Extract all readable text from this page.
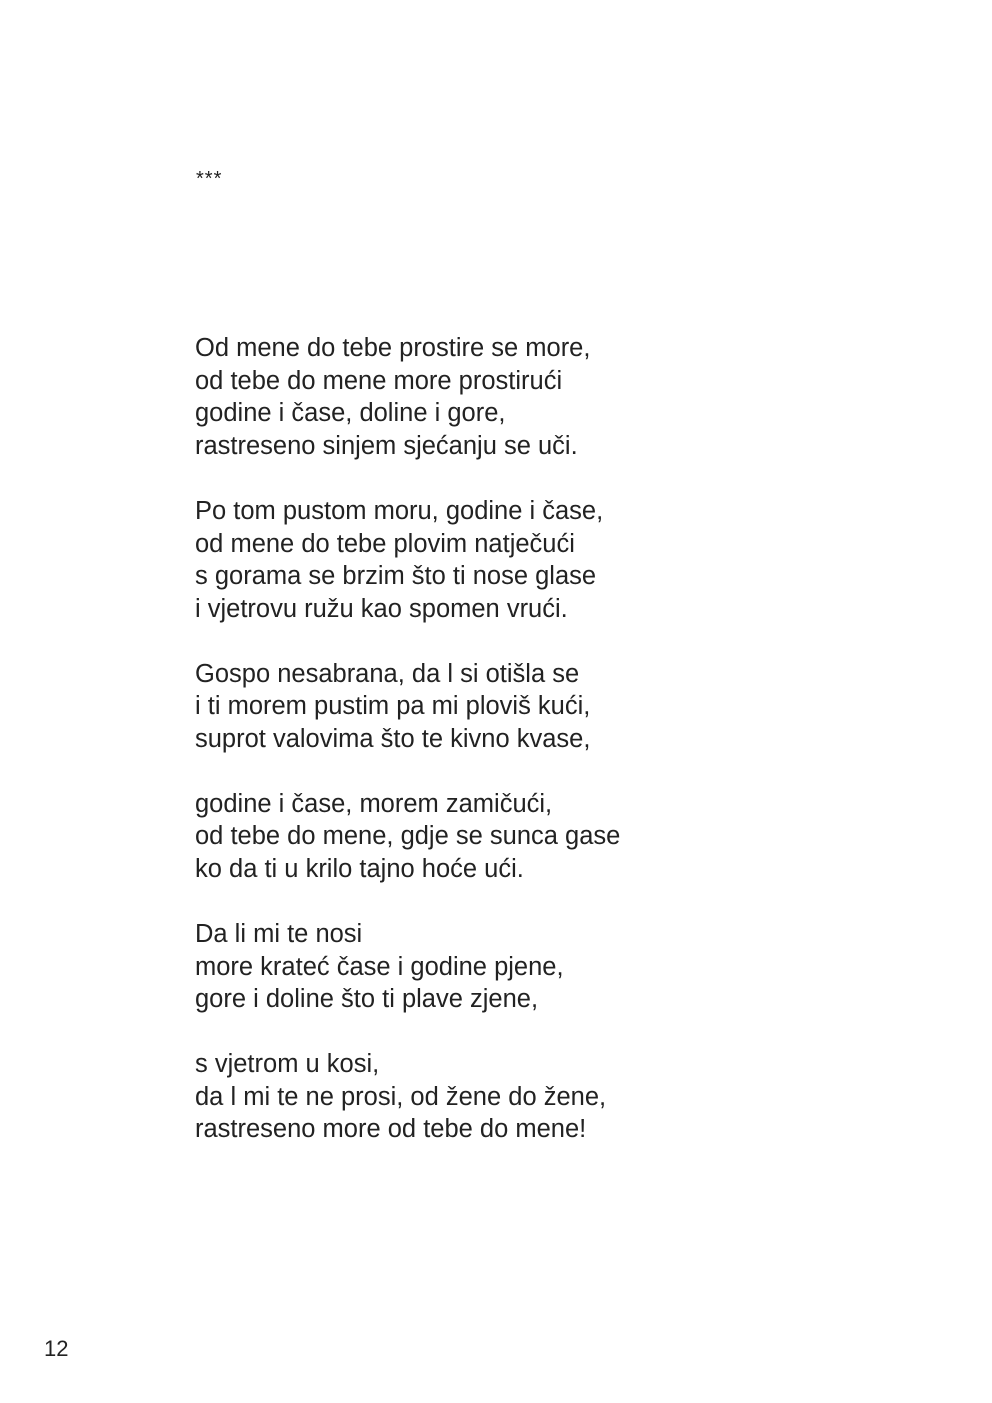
***
Od mene do tebe prostire se more,
od tebe do mene more prostirući
godine i čase, doline i gore,
rastreseno sinjem sjećanju se uči.
Po tom pustom moru, godine i čase,
od mene do tebe plovim natječući
s gorama se brzim što ti nose glase
i vjetrovu ružu kao spomen vrući.
Gospo nesabrana, da l si otišla se
i ti morem pustim pa mi ploviš kući,
suprot valovima što te kivno kvase,
godine i čase, morem zamičući,
od tebe do mene, gdje se sunca gase
ko da ti u krilo tajno hoće ući.
Da li mi te nosi
more krateć čase i godine pjene,
gore i doline što ti plave zjene,
s vjetrom u kosi,
da l mi te ne prosi, od žene do žene,
rastreseno more od tebe do mene!
12
